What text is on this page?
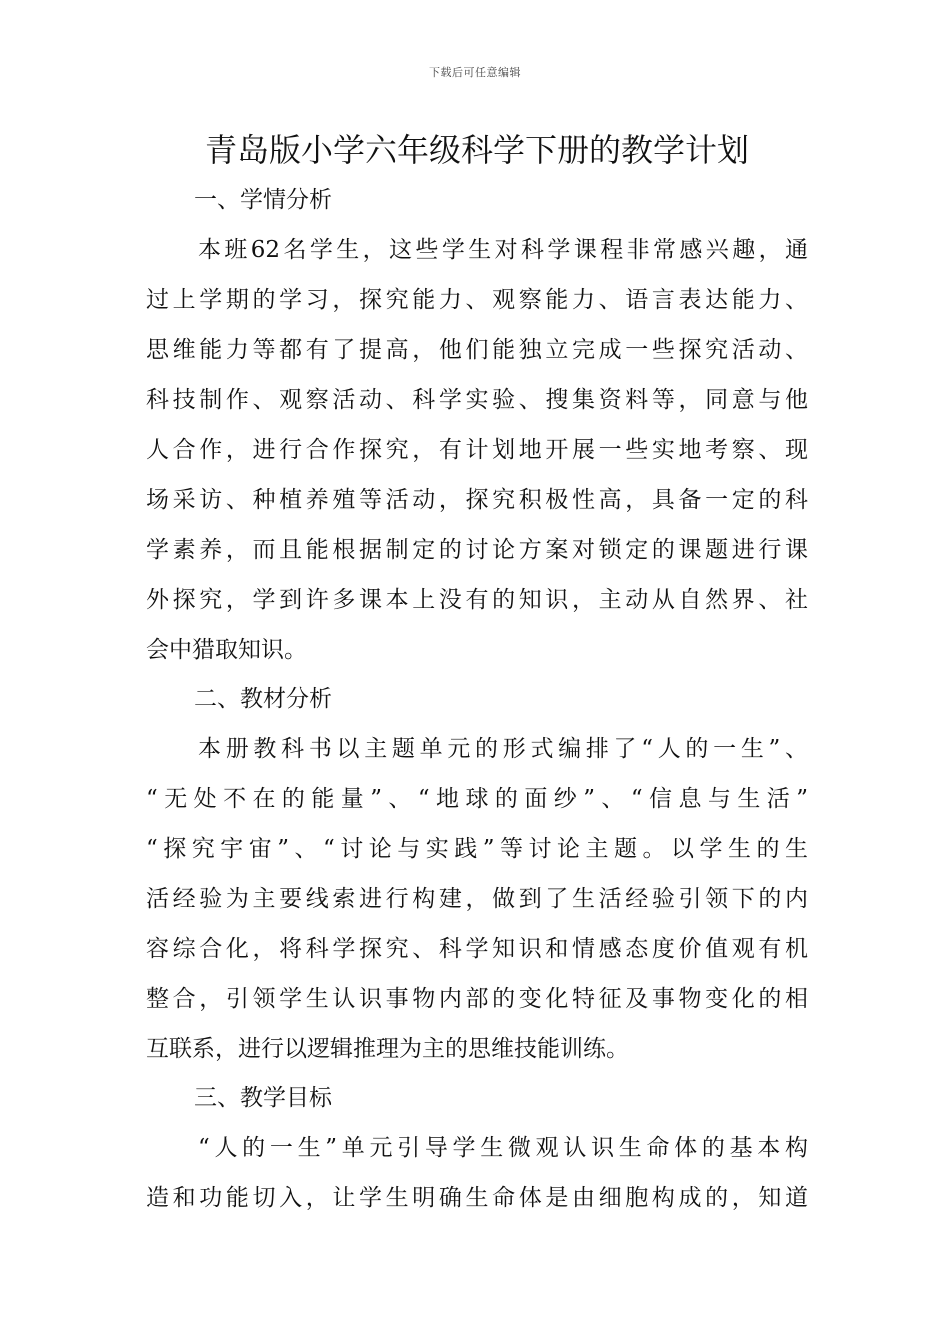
下载后可任意编辑
青岛版小学六年级科学下册的教学计划
一、学情分析
本班62名学生，这些学生对科学课程非常感兴趣，通
过上学期的学习，探究能力、观察能力、语言表达能力、
思维能力等都有了提高，他们能独立完成一些探究活动、
科技制作、观察活动、科学实验、搜集资料等，同意与他
人合作，进行合作探究，有计划地开展一些实地考察、现
场采访、种植养殖等活动，探究积极性高，具备一定的科
学素养，而且能根据制定的讨论方案对锁定的课题进行课
外探究，学到许多课本上没有的知识，主动从自然界、社
会中猎取知识。
二、教材分析
本册教科书以主题单元的形式编排了“人的一生”、
“无处不在的能量”、“地球的面纱”、“信息与生活”
“探究宇宙”、“讨论与实践”等讨论主题。以学生的生
活经验为主要线索进行构建，做到了生活经验引领下的内
容综合化，将科学探究、科学知识和情感态度价值观有机
整合，引领学生认识事物内部的变化特征及事物变化的相
互联系，进行以逻辑推理为主的思维技能训练。
三、教学目标
“人的一生”单元引导学生微观认识生命体的基本构
造和功能切入，让学生明确生命体是由细胞构成的，知道
